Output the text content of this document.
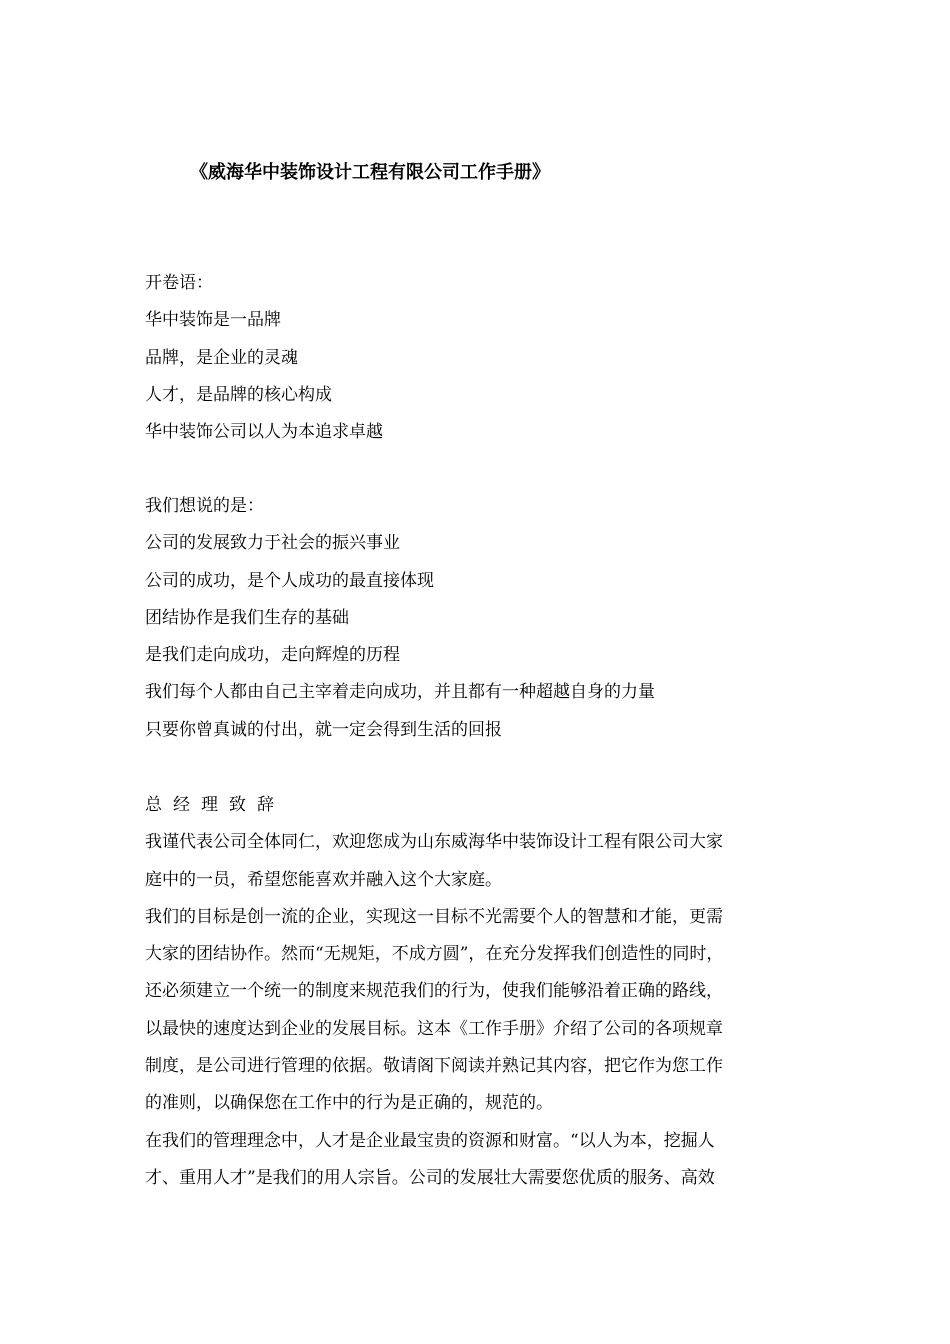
《威海华中装饰设计工程有限公司工作手册》
开卷语：
华中装饰是一品牌
品牌，是企业的灵魂
人才，是品牌的核心构成
华中装饰公司以人为本追求卓越
我们想说的是：
公司的发展致力于社会的振兴事业
公司的成功，是个人成功的最直接体现
团结协作是我们生存的基础
是我们走向成功，走向辉煌的历程
我们每个人都由自己主宰着走向成功，并且都有一种超越自身的力量
只要你曾真诚的付出，就一定会得到生活的回报
总经理致辞
我谨代表公司全体同仁，欢迎您成为山东威海华中装饰设计工程有限公司大家
庭中的一员，希望您能喜欢并融入这个大家庭。
我们的目标是创一流的企业，实现这一目标不光需要个人的智慧和才能，更需
大家的团结协作。然而“无规矩，不成方圆”，在充分发挥我们创造性的同时，
还必须建立一个统一的制度来规范我们的行为，使我们能够沿着正确的路线，
以最快的速度达到企业的发展目标。这本《工作手册》介绍了公司的各项规章
制度，是公司进行管理的依据。敬请阁下阅读并熟记其内容，把它作为您工作
的准则，以确保您在工作中的行为是正确的，规范的。
在我们的管理理念中，人才是企业最宝贵的资源和财富。“以人为本，挖掘人
才、重用人才”是我们的用人宗旨。公司的发展壮大需要您优质的服务、高效
